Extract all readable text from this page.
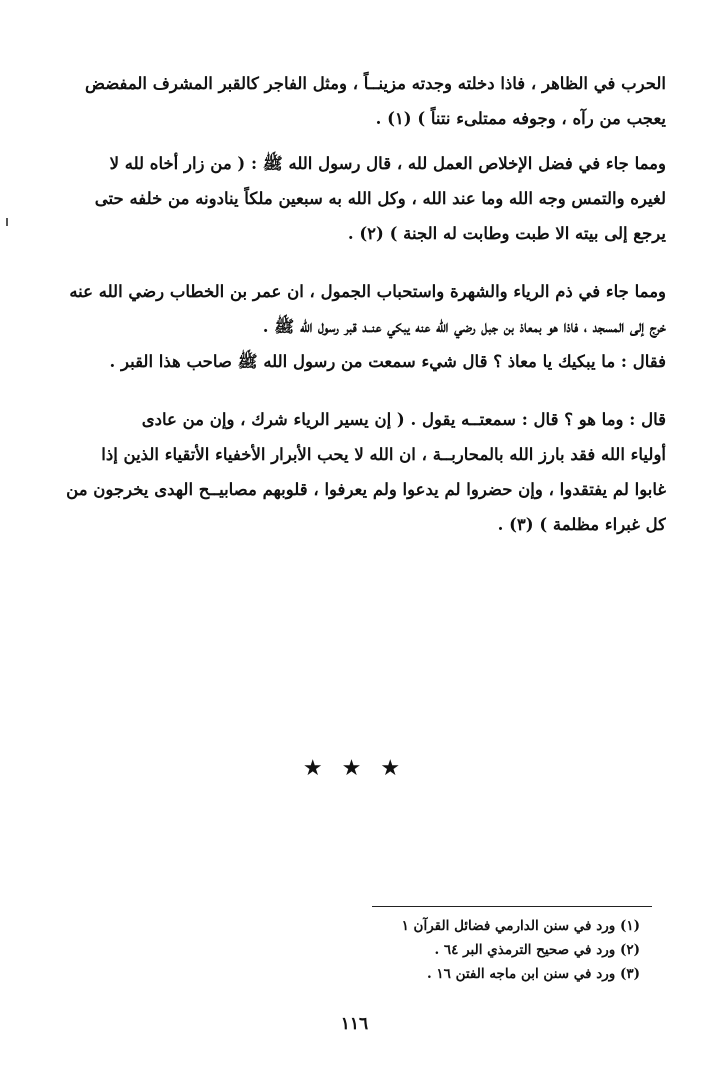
الحرب في الظاهر ، فاذا دخلته وجدته مزينــاً ، ومثل الفاجر كالقبر المشرف المفضض
يعجب من رآه ، وجوفه ممتلىء نتناً ) (١) .
ومما جاء في فضل الإخلاص العمل لله ، قال رسول الله ﷺ : ( من زار أخاه لله لا
لغيره والتمس وجه الله وما عند الله ، وكل الله به سبعين ملكاً ينادونه من خلفه حتى
يرجع إلى بيته الا طبت وطابت له الجنة ) (٢) .
ومما جاء في ذم الرياء والشهرة واستحباب الجمول ، ان عمر بن الخطاب رضي الله عنه
خرج إلى المسجد ، فاذا هو بمعاذ بن جبل رضي الله عنه يبكي عنــد قبر رسول الله ﷺ .
فقال : ما يبكيك يا معاذ ؟ قال شيء سمعت من رسول الله ﷺ صاحب هذا القبر .
قال : وما هو ؟ قال : سمعتــه يقول . ( إن يسير الرياء شرك ، وإن من عادى
أولياء الله فقد بارز الله بالمحاربــة ، ان الله لا يحب الأبرار الأخفياء الأتقياء الذين إذا
غابوا لم يفتقدوا ، وإن حضروا لم يدعوا ولم يعرفوا ، قلوبهم مصابيــح الهدى يخرجون من
كل غبراء مظلمة ) (٣) .
★ ★ ★
(١) ورد في سنن الدارمي فضائل القرآن ١
(٢) ورد في صحيح الترمذي البر ٦٤ .
(٣) ورد في سنن ابن ماجه الفتن ١٦ .
١١٦
